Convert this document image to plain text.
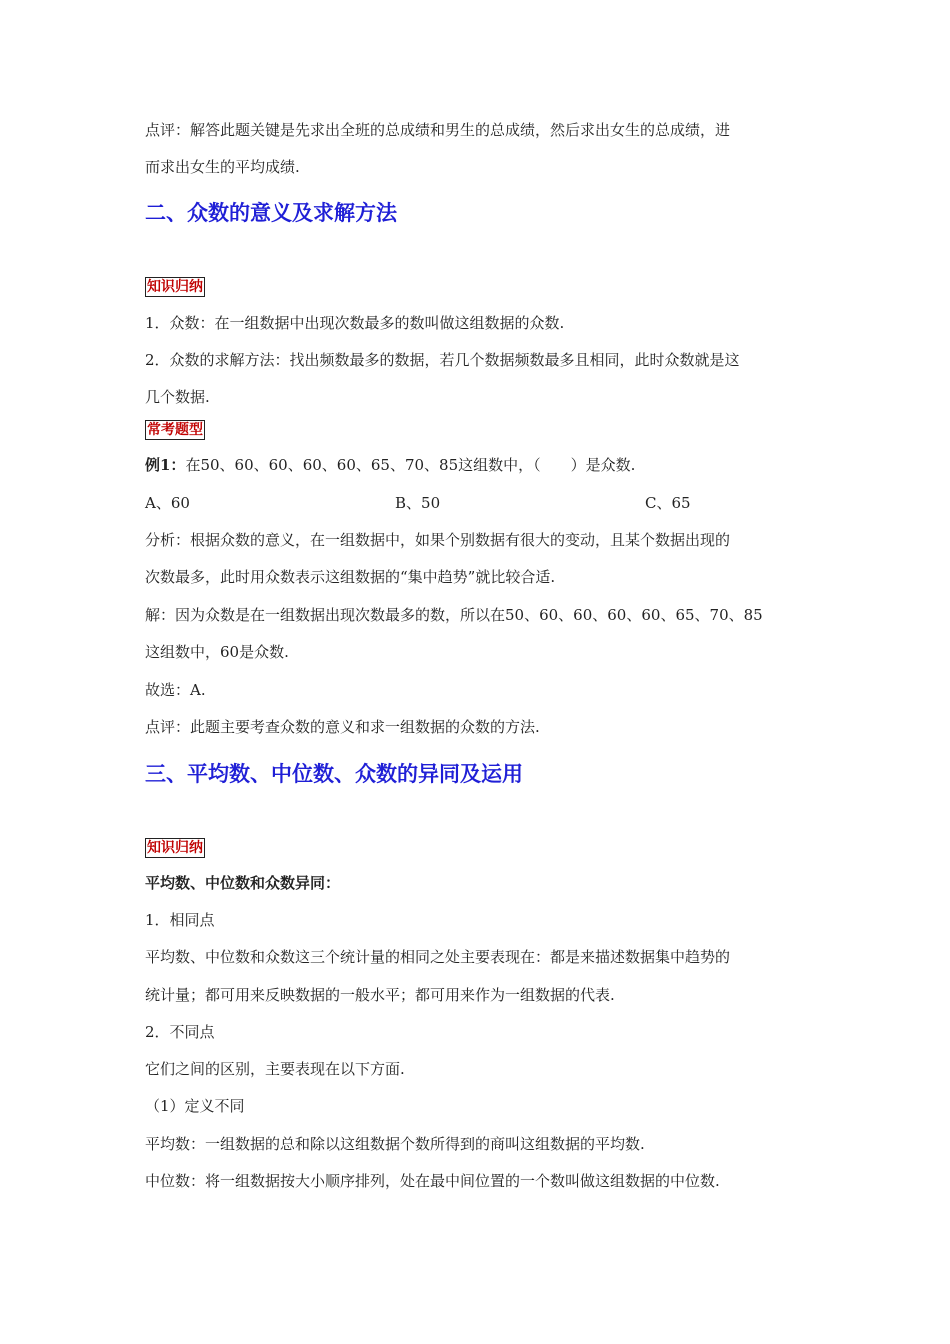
点评：解答此题关键是先求出全班的总成绩和男生的总成绩，然后求出女生的总成绩，进
而求出女生的平均成绩.
二、众数的意义及求解方法
知识归纳
1．众数：在一组数据中出现次数最多的数叫做这组数据的众数.
2．众数的求解方法：找出频数最多的数据，若几个数据频数最多且相同，此时众数就是这
几个数据.
常考题型
例1：在50、60、60、60、60、65、70、85这组数中，（　　）是众数.
A、60	B、50	C、65
分析：根据众数的意义，在一组数据中，如果个别数据有很大的变动，且某个数据出现的
次数最多，此时用众数表示这组数据的“集中趋势”就比较合适.
解：因为众数是在一组数据出现次数最多的数，所以在50、60、60、60、60、65、70、85
这组数中，60是众数.
故选：A.
点评：此题主要考查众数的意义和求一组数据的众数的方法.
三、平均数、中位数、众数的异同及运用
知识归纳
平均数、中位数和众数异同：
1．相同点
平均数、中位数和众数这三个统计量的相同之处主要表现在：都是来描述数据集中趋势的
统计量；都可用来反映数据的一般水平；都可用来作为一组数据的代表.
2．不同点
它们之间的区别，主要表现在以下方面.
（1）定义不同
平均数：一组数据的总和除以这组数据个数所得到的商叫这组数据的平均数.
中位数：将一组数据按大小顺序排列，处在最中间位置的一个数叫做这组数据的中位数.
